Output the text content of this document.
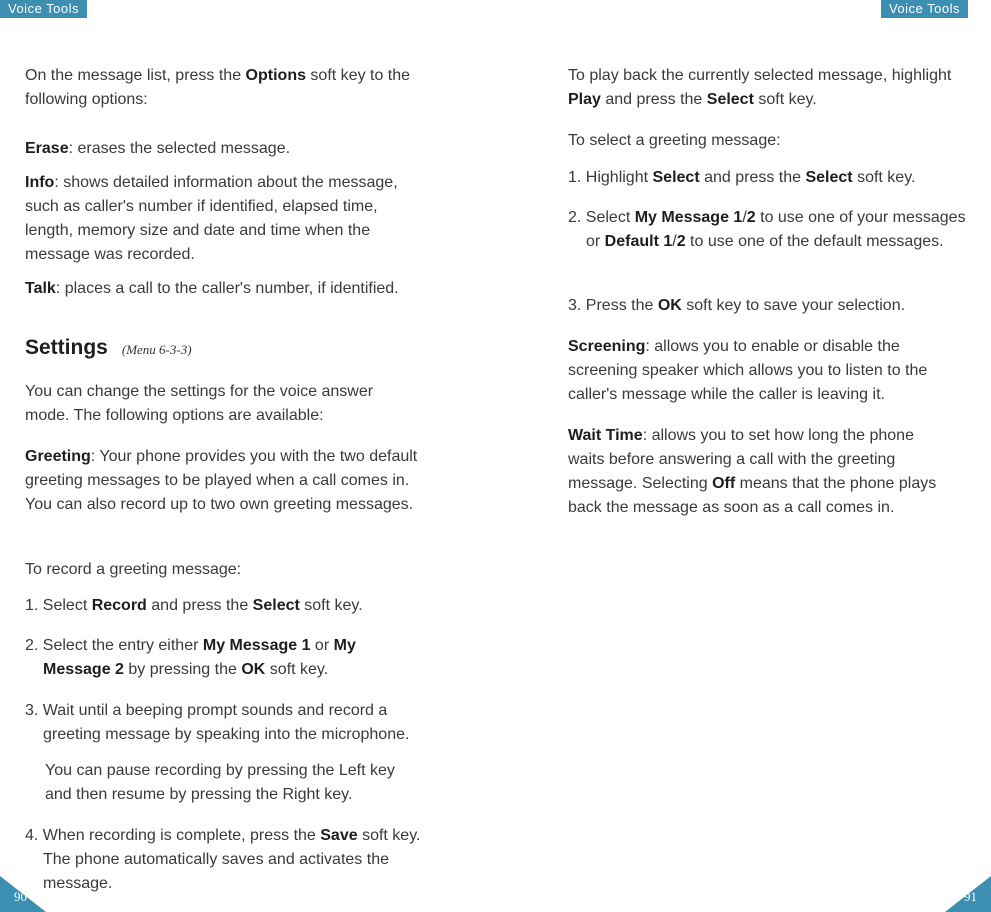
Voice Tools	Voice Tools

On the message list, press the Options soft key to the following options:

Erase: erases the selected message.

Info: shows detailed information about the message, such as caller's number if identified, elapsed time, length, memory size and date and time when the message was recorded.

Talk: places a call to the caller's number, if identified.

Settings (Menu 6-3-3)

You can change the settings for the voice answer mode. The following options are available:

Greeting: Your phone provides you with the two default greeting messages to be played when a call comes in. You can also record up to two own greeting messages.

To record a greeting message:

1. Select Record and press the Select soft key.

2. Select the entry either My Message 1 or My Message 2 by pressing the OK soft key.

3. Wait until a beeping prompt sounds and record a greeting message by speaking into the microphone.

You can pause recording by pressing the Left key and then resume by pressing the Right key.

4. When recording is complete, press the Save soft key. The phone automatically saves and activates the message.

To play back the currently selected message, highlight Play and press the Select soft key.

To select a greeting message:

1. Highlight Select and press the Select soft key.

2. Select My Message 1/2 to use one of your messages or Default 1/2 to use one of the default messages.

3. Press the OK soft key to save your selection.

Screening: allows you to enable or disable the screening speaker which allows you to listen to the caller's message while the caller is leaving it.

Wait Time: allows you to set how long the phone waits before answering a call with the greeting message. Selecting Off means that the phone plays back the message as soon as a call comes in.

90	91
